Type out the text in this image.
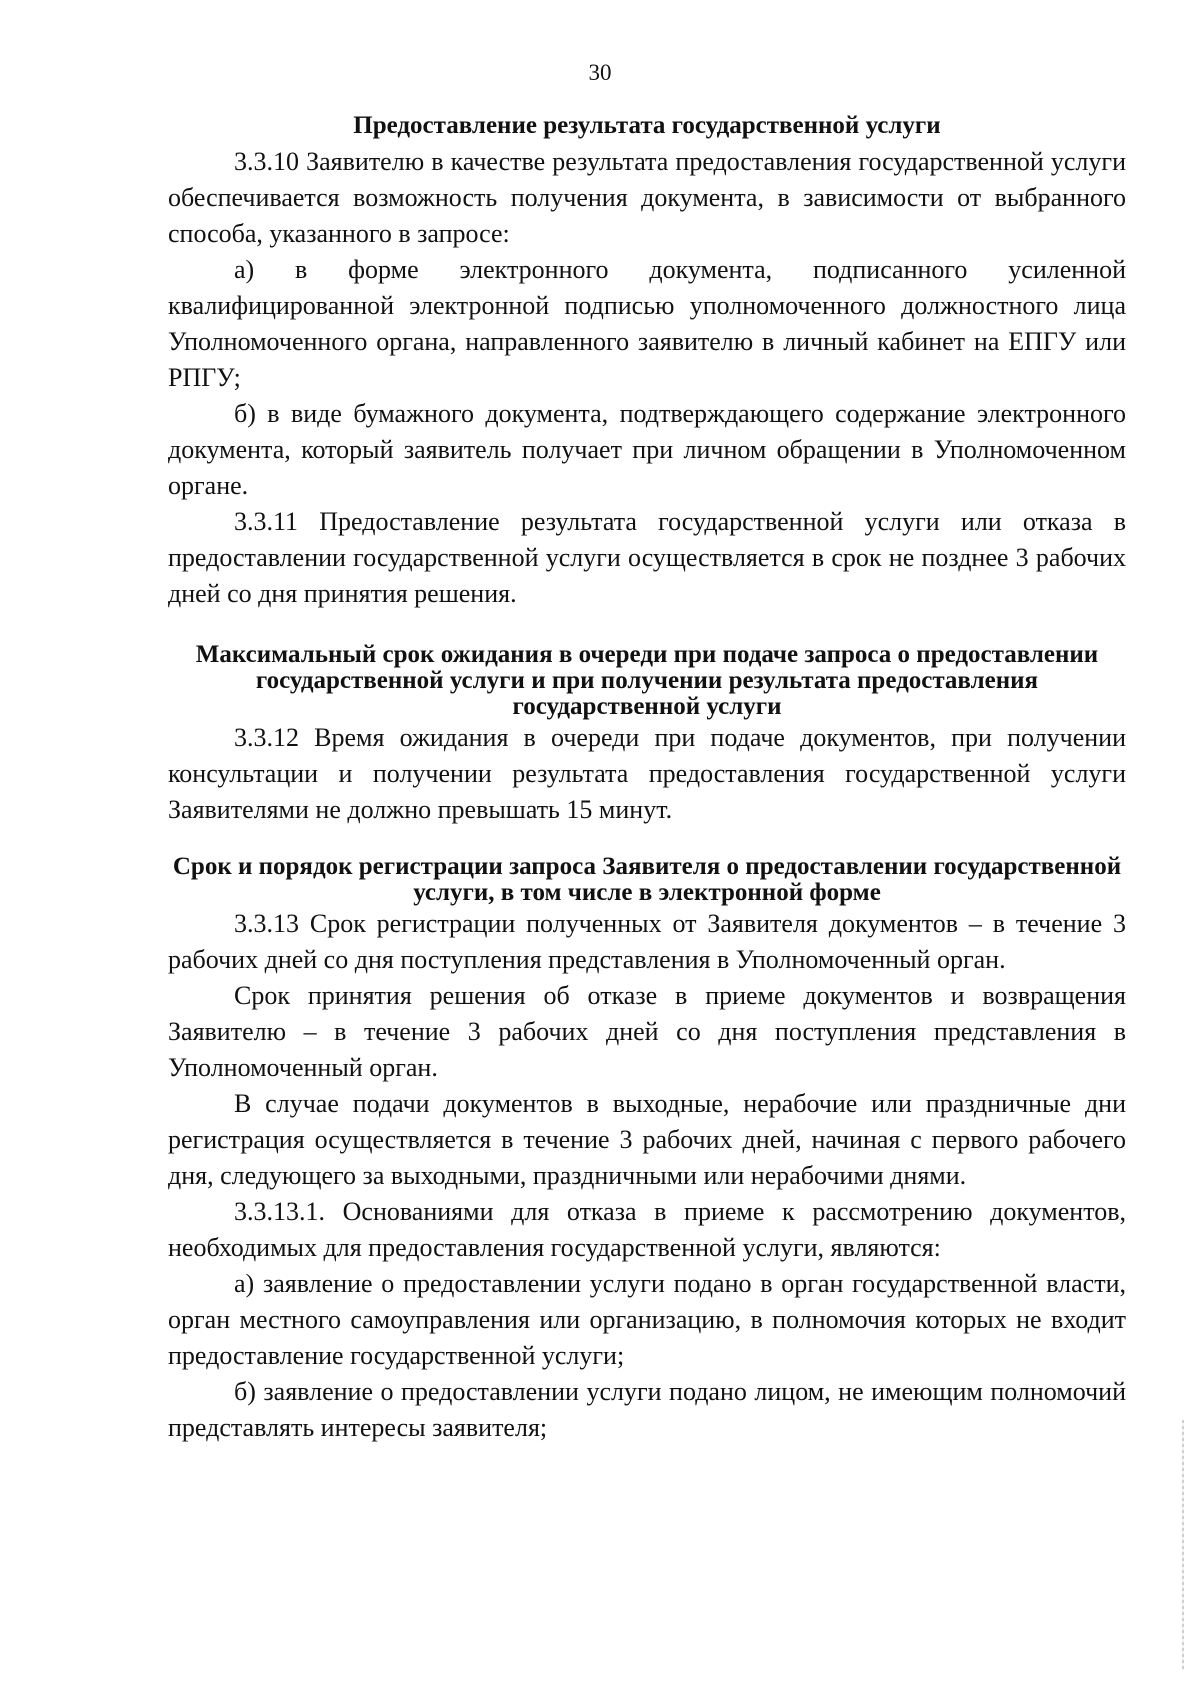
30
Предоставление результата государственной услуги

3.3.10 Заявителю в качестве результата предоставления государственной услуги обеспечивается возможность получения документа, в зависимости от выбранного способа, указанного в запросе:

а) в форме электронного документа, подписанного усиленной квалифицированной электронной подписью уполномоченного должностного лица Уполномоченного органа, направленного заявителю в личный кабинет на ЕПГУ или РПГУ;

б) в виде бумажного документа, подтверждающего содержание электронного документа, который заявитель получает при личном обращении в Уполномоченном органе.

3.3.11 Предоставление результата государственной услуги или отказа в предоставлении государственной услуги осуществляется в срок не позднее 3 рабочих дней со дня принятия решения.

Максимальный срок ожидания в очереди при подаче запроса о предоставлении государственной услуги и при получении результата предоставления государственной услуги

3.3.12 Время ожидания в очереди при подаче документов, при получении консультации и получении результата предоставления государственной услуги Заявителями не должно превышать 15 минут.

Срок и порядок регистрации запроса Заявителя о предоставлении государственной услуги, в том числе в электронной форме

3.3.13 Срок регистрации полученных от Заявителя документов – в течение 3 рабочих дней со дня поступления представления в Уполномоченный орган.

Срок принятия решения об отказе в приеме документов и возвращения Заявителю – в течение 3 рабочих дней со дня поступления представления в Уполномоченный орган.

В случае подачи документов в выходные, нерабочие или праздничные дни регистрация осуществляется в течение 3 рабочих дней, начиная с первого рабочего дня, следующего за выходными, праздничными или нерабочими днями.

3.3.13.1. Основаниями для отказа в приеме к рассмотрению документов, необходимых для предоставления государственной услуги, являются:

а) заявление о предоставлении услуги подано в орган государственной власти, орган местного самоуправления или организацию, в полномочия которых не входит предоставление государственной услуги;

б) заявление о предоставлении услуги подано лицом, не имеющим полномочий представлять интересы заявителя;
